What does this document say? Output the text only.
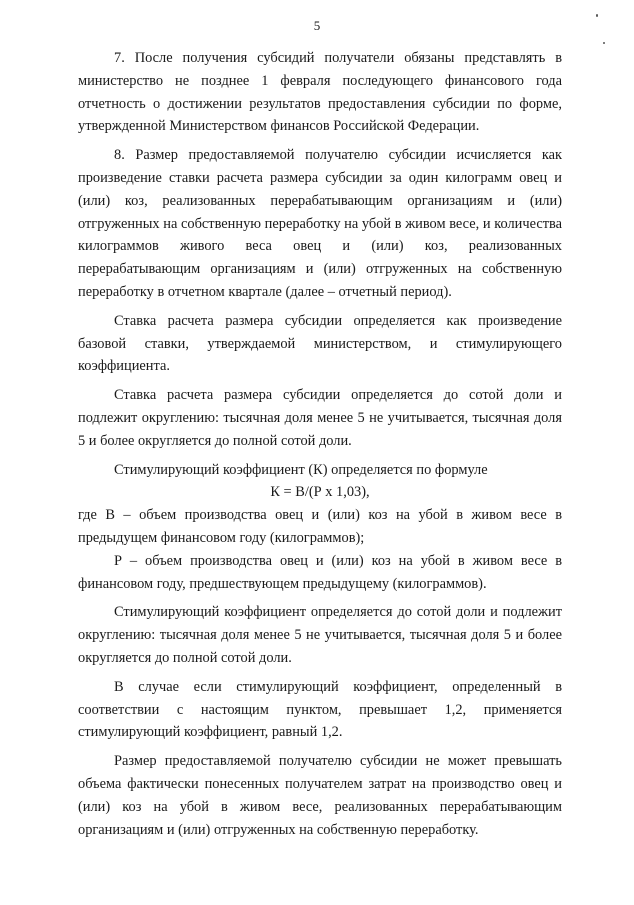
5

7. После получения субсидий получатели обязаны представлять в министерство не позднее 1 февраля последующего финансового года отчетность о достижении результатов предоставления субсидии по форме, утвержденной Министерством финансов Российской Федерации.

8. Размер предоставляемой получателю субсидии исчисляется как произведение ставки расчета размера субсидии за один килограмм овец и (или) коз, реализованных перерабатывающим организациям и (или) отгруженных на собственную переработку на убой в живом весе, и количества килограммов живого веса овец и (или) коз, реализованных перерабатывающим организациям и (или) отгруженных на собственную переработку в отчетном квартале (далее – отчетный период).

Ставка расчета размера субсидии определяется как произведение базовой ставки, утверждаемой министерством, и стимулирующего коэффициента.

Ставка расчета размера субсидии определяется до сотой доли и подлежит округлению: тысячная доля менее 5 не учитывается, тысячная доля 5 и более округляется до полной сотой доли.

Стимулирующий коэффициент (К) определяется по формуле

К = В/(Р х 1,03),

где В – объем производства овец и (или) коз на убой в живом весе в предыдущем финансовом году (килограммов);

Р – объем производства овец и (или) коз на убой в живом весе в финансовом году, предшествующем предыдущему (килограммов).

Стимулирующий коэффициент определяется до сотой доли и подлежит округлению: тысячная доля менее 5 не учитывается, тысячная доля 5 и более округляется до полной сотой доли.

В случае если стимулирующий коэффициент, определенный в соответствии с настоящим пунктом, превышает 1,2, применяется стимулирующий коэффициент, равный 1,2.

Размер предоставляемой получателю субсидии не может превышать объема фактически понесенных получателем затрат на производство овец и (или) коз на убой в живом весе, реализованных перерабатывающим организациям и (или) отгруженных на собственную переработку.
